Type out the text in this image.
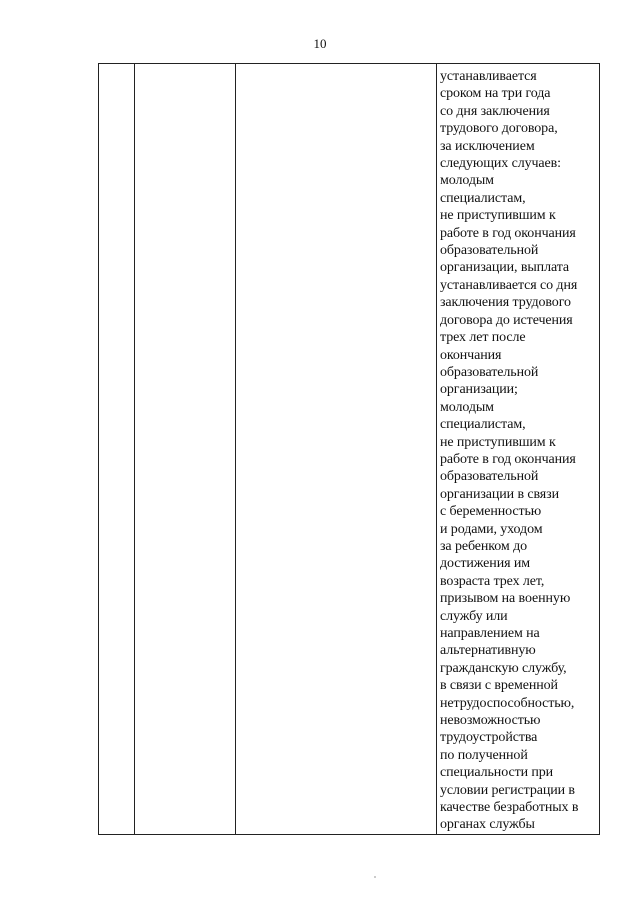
10

устанавливается
сроком на три года
со дня заключения
трудового договора,
за исключением
следующих случаев:
молодым
специалистам,
не приступившим к
работе в год окончания
образовательной
организации, выплата
устанавливается со дня
заключения трудового
договора до истечения
трех лет после
окончания
образовательной
организации;
молодым
специалистам,
не приступившим к
работе в год окончания
образовательной
организации в связи
с беременностью
и родами, уходом
за ребенком до
достижения им
возраста трех лет,
призывом на военную
службу или
направлением на
альтернативную
гражданскую службу,
в связи с временной
нетрудоспособностью,
невозможностью
трудоустройства
по полученной
специальности при
условии регистрации в
качестве безработных в
органах службы
